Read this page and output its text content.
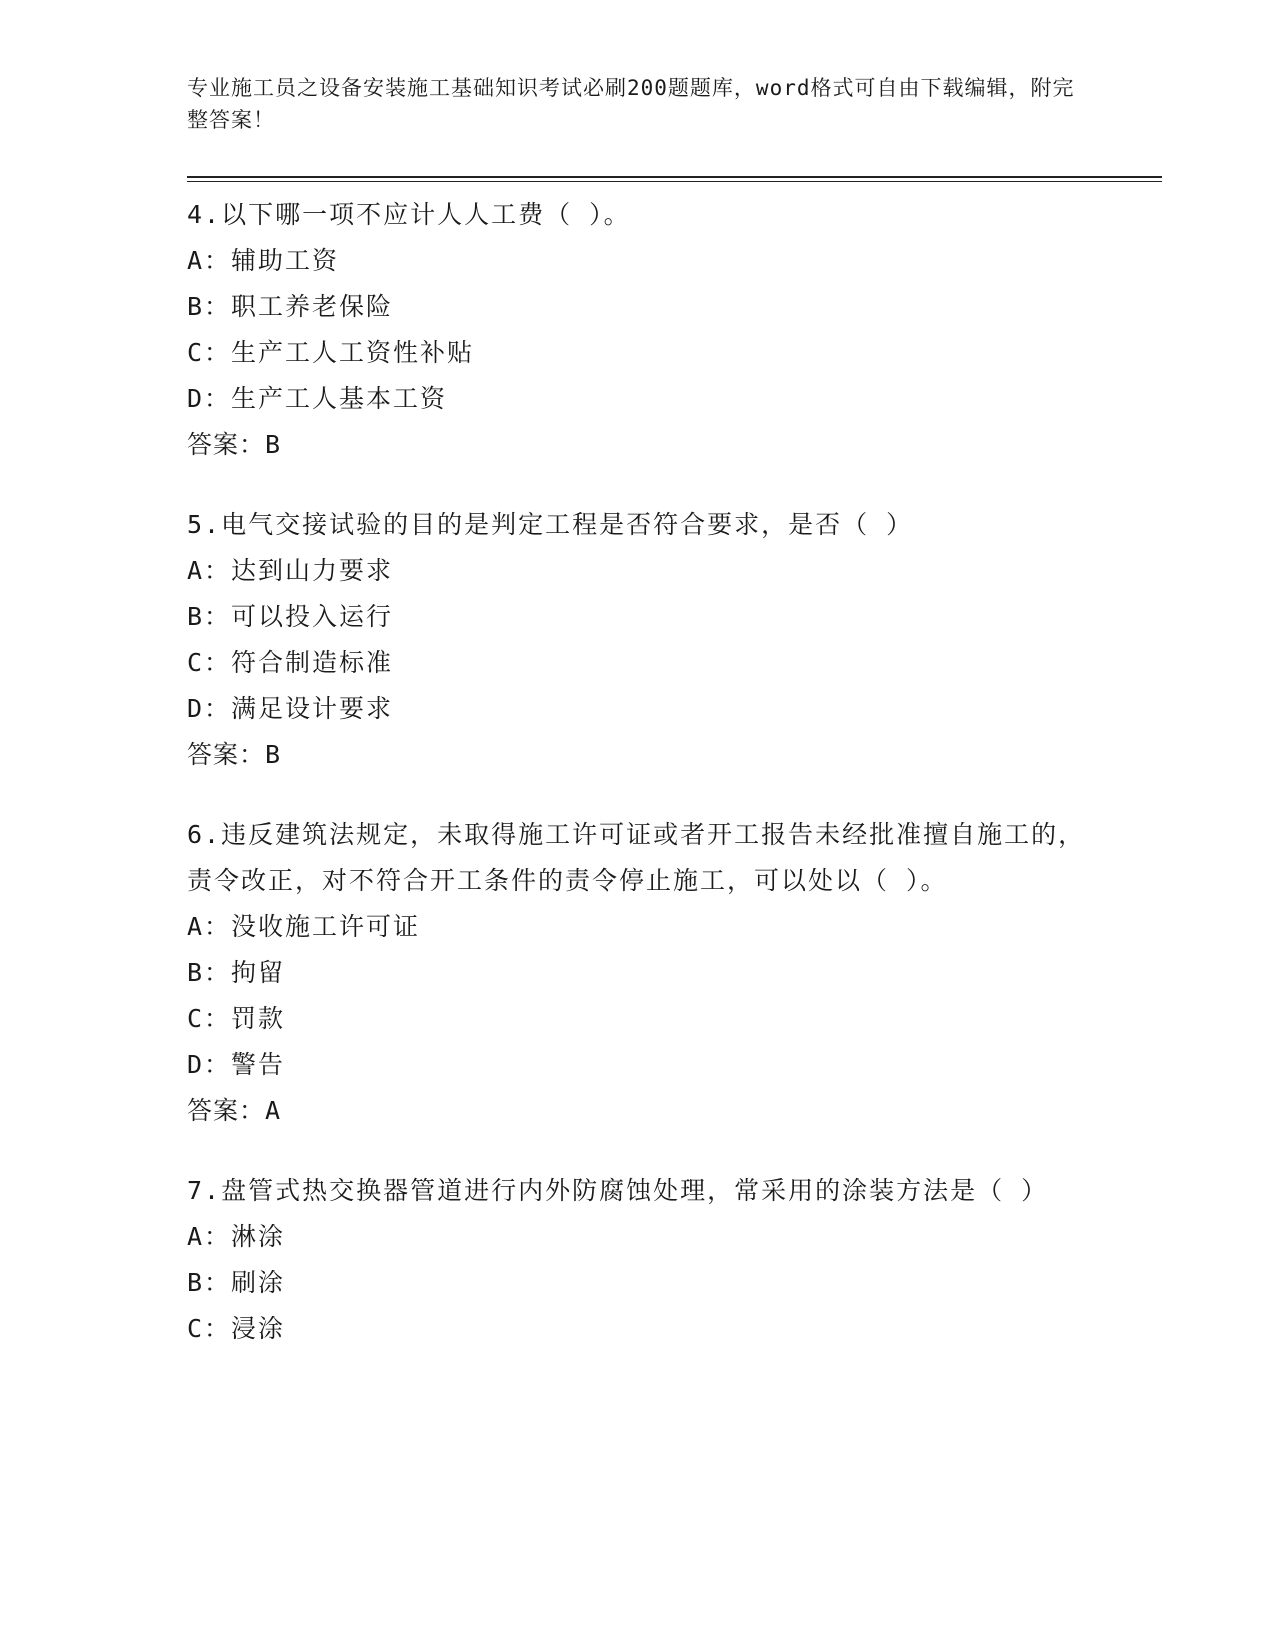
专业施工员之设备安装施工基础知识考试必刷200题题库，word格式可自由下载编辑，附完整答案！
4.以下哪一项不应计人人工费（ ）。
A：辅助工资
B：职工养老保险
C：生产工人工资性补贴
D：生产工人基本工资
答案：B
5.电气交接试验的目的是判定工程是否符合要求，是否（ ）
A：达到山力要求
B：可以投入运行
C：符合制造标准
D：满足设计要求
答案：B
6.违反建筑法规定，未取得施工许可证或者开工报告未经批准擅自施工的，责令改正，对不符合开工条件的责令停止施工，可以处以（ ）。
A：没收施工许可证
B：拘留
C：罚款
D：警告
答案：A
7.盘管式热交换器管道进行内外防腐蚀处理，常采用的涂装方法是（ ）
A：淋涂
B：刷涂
C：浸涂
